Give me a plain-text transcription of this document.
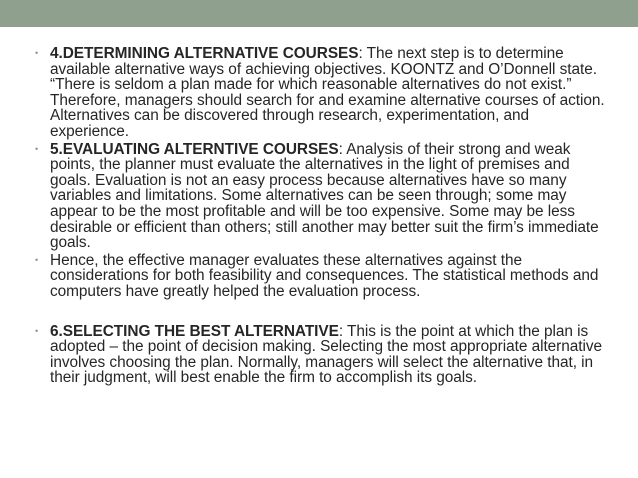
• 4.DETERMINING ALTERNATIVE COURSES: The next step is to determine available alternative ways of achieving objectives. KOONTZ and O’Donnell state. “There is seldom a plan made for which reasonable alternatives do not exist.” Therefore, managers should search for and examine alternative courses of action. Alternatives can be discovered through research, experimentation, and experience.

• 5.EVALUATING ALTERNTIVE COURSES: Analysis of their strong and weak points, the planner must evaluate the alternatives in the light of premises and goals. Evaluation is not an easy process because alternatives have so many variables and limitations. Some alternatives can be seen through; some may appear to be the most profitable and will be too expensive. Some may be less desirable or efficient than others; still another may better suit the firm’s immediate goals.

• Hence, the effective manager evaluates these alternatives against the considerations for both feasibility and consequences. The statistical methods and computers have greatly helped the evaluation process.

• 6.SELECTING THE BEST ALTERNATIVE: This is the point at which the plan is adopted – the point of decision making. Selecting the most appropriate alternative involves choosing the plan. Normally, managers will select the alternative that, in their judgment, will best enable the firm to accomplish its goals.
